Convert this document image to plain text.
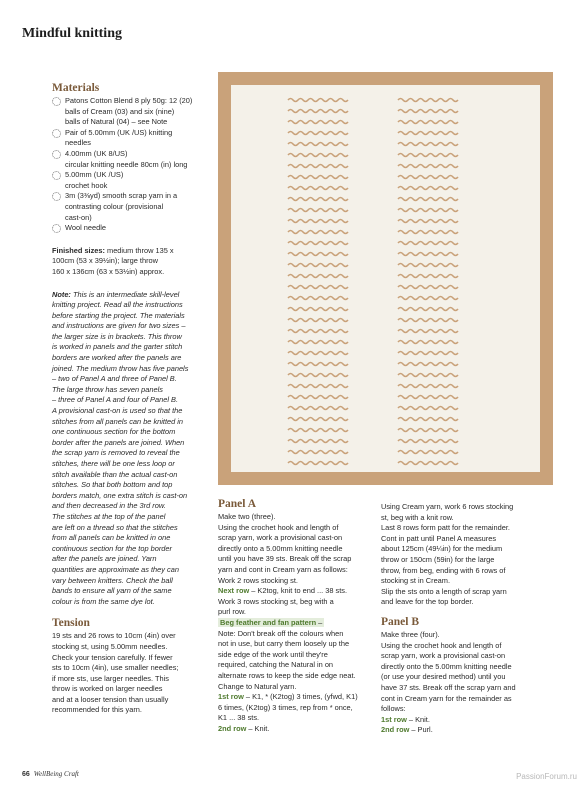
Mindful knitting
Materials
Patons Cotton Blend 8 ply 50g: 12 (20)
balls of Cream (03) and six (nine)
balls of Natural (04) – see Note
Pair of 5.00mm (UK /US) knitting
needles
4.00mm (UK 8/US)
circular knitting needle 80cm (in) long
5.00mm (UK /US)
crochet hook
3m (3⅜yd) smooth scrap yarn in a
contrasting colour (provisional
cast-on)
Wool needle
Finished sizes: medium throw 135 x
100cm (53 x 39½in); large throw
160 x 136cm (63 x 53½in) approx.
Note: This is an intermediate skill-level
knitting project. Read all the instructions
before starting the project. The materials
and instructions are given for two sizes –
the larger size is in brackets. This throw
is worked in panels and the garter stitch
borders are worked after the panels are
joined. The medium throw has five panels
– two of Panel A and three of Panel B.
The large throw has seven panels
– three of Panel A and four of Panel B.
A provisional cast-on is used so that the
stitches from all panels can be knitted in
one continuous section for the bottom
border after the panels are joined. When
the scrap yarn is removed to reveal the
stitches, there will be one less loop or
stitch available than the actual cast-on
stitches. So that both bottom and top
borders match, one extra stitch is cast-on
and then decreased in the 3rd row.
The stitches at the top of the panel
are left on a thread so that the stitches
from all panels can be knitted in one
continuous section for the top border
after the panels are joined. Yarn
quantities are approximate as they can
vary between knitters. Check the ball
bands to ensure all yarn of the same
colour is from the same dye lot.
Tension
19 sts and 26 rows to 10cm (4in) over
stocking st, using 5.00mm needles.
Check your tension carefully. If fewer
sts to 10cm (4in), use smaller needles;
if more sts, use larger needles. This
throw is worked on larger needles
and at a looser tension than usually
recommended for this yarn.
Panel A
Make two (three).
Using the crochet hook and length of
scrap yarn, work a provisional cast-on
directly onto a 5.00mm knitting needle
until you have 39 sts. Break off the scrap
yarn and cont in Cream yarn as follows:
Work 2 rows stocking st.
Next row – K2tog, knit to end ... 38 sts.
Work 3 rows stocking st, beg with a
purl row.
Beg feather and fan pattern –
Note: Don't break off the colours when
not in use, but carry them loosely up the
side edge of the work until they're
required, catching the Natural in on
alternate rows to keep the side edge neat.
Change to Natural yarn.
1st row – K1, * (K2tog) 3 times, (yfwd, K1)
6 times, (K2tog) 3 times, rep from * once,
K1 ... 38 sts.
2nd row – Knit.
Using Cream yarn, work 6 rows stocking
st, beg with a knit row.
Last 8 rows form patt for the remainder.
Cont in patt until Panel A measures
about 125cm (49¼in) for the medium
throw or 150cm (59in) for the large
throw, from beg, ending with 6 rows of
stocking st in Cream.
Slip the sts onto a length of scrap yarn
and leave for the top border.
Panel B
Make three (four).
Using the crochet hook and length of
scrap yarn, work a provisional cast-on
directly onto the 5.00mm knitting needle
(or use your desired method) until you
have 37 sts. Break off the scrap yarn and
cont in Cream yarn for the remainder as
follows:
1st row – Knit.
2nd row – Purl.
66 WellBeing Craft	PassionForum.ru
